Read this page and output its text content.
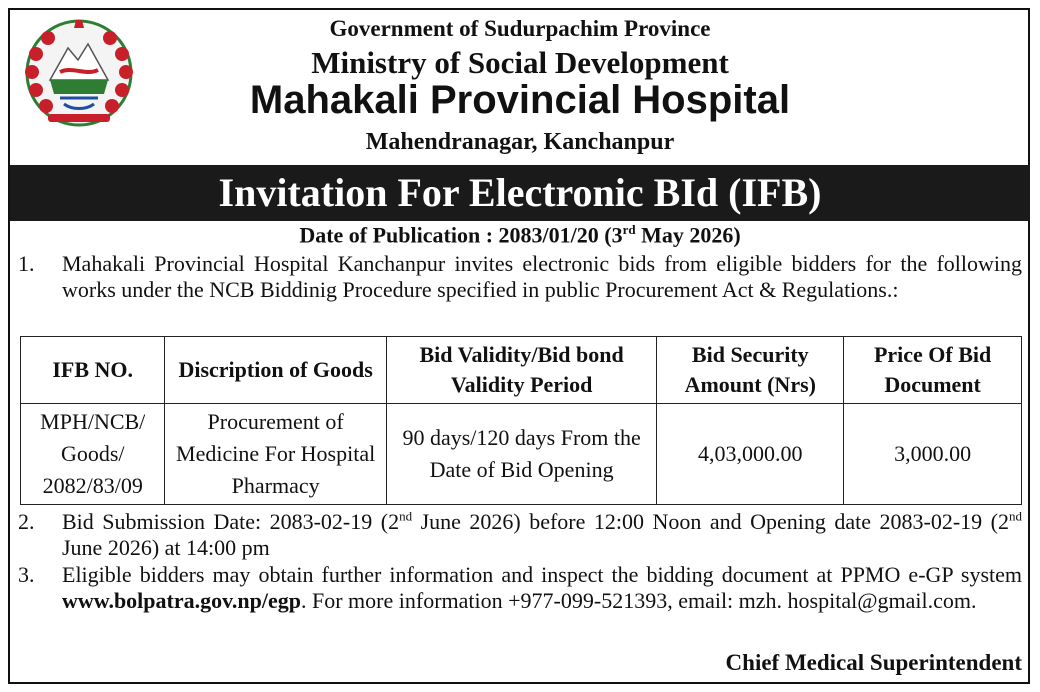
Government of Sudurpachim Province
Ministry of Social Development
Mahakali Provincial Hospital
Mahendranagar, Kanchanpur
Invitation For Electronic BId (IFB)
Date of Publication : 2083/01/20 (3rd May 2026)
1. Mahakali Provincial Hospital Kanchanpur invites electronic bids from eligible bidders for the following works under the NCB Biddinig Procedure specified in public Procurement Act & Regulations.:
IFB NO.	Discription of Goods	Bid Validity/Bid bond Validity Period	Bid Security Amount (Nrs)	Price Of Bid Document
MPH/NCB/ Goods/ 2082/83/09	Procurement of Medicine For Hospital Pharmacy	90 days/120 days From the Date of Bid Opening	4,03,000.00	3,000.00
2. Bid Submission Date: 2083-02-19 (2nd June 2026) before 12:00 Noon and Opening date 2083-02-19 (2nd June 2026) at 14:00 pm
3. Eligible bidders may obtain further information and inspect the bidding document at PPMO e-GP system www.bolpatra.gov.np/egp. For more information +977-099-521393, email: mzh. hospital@gmail.com.
Chief Medical Superintendent
